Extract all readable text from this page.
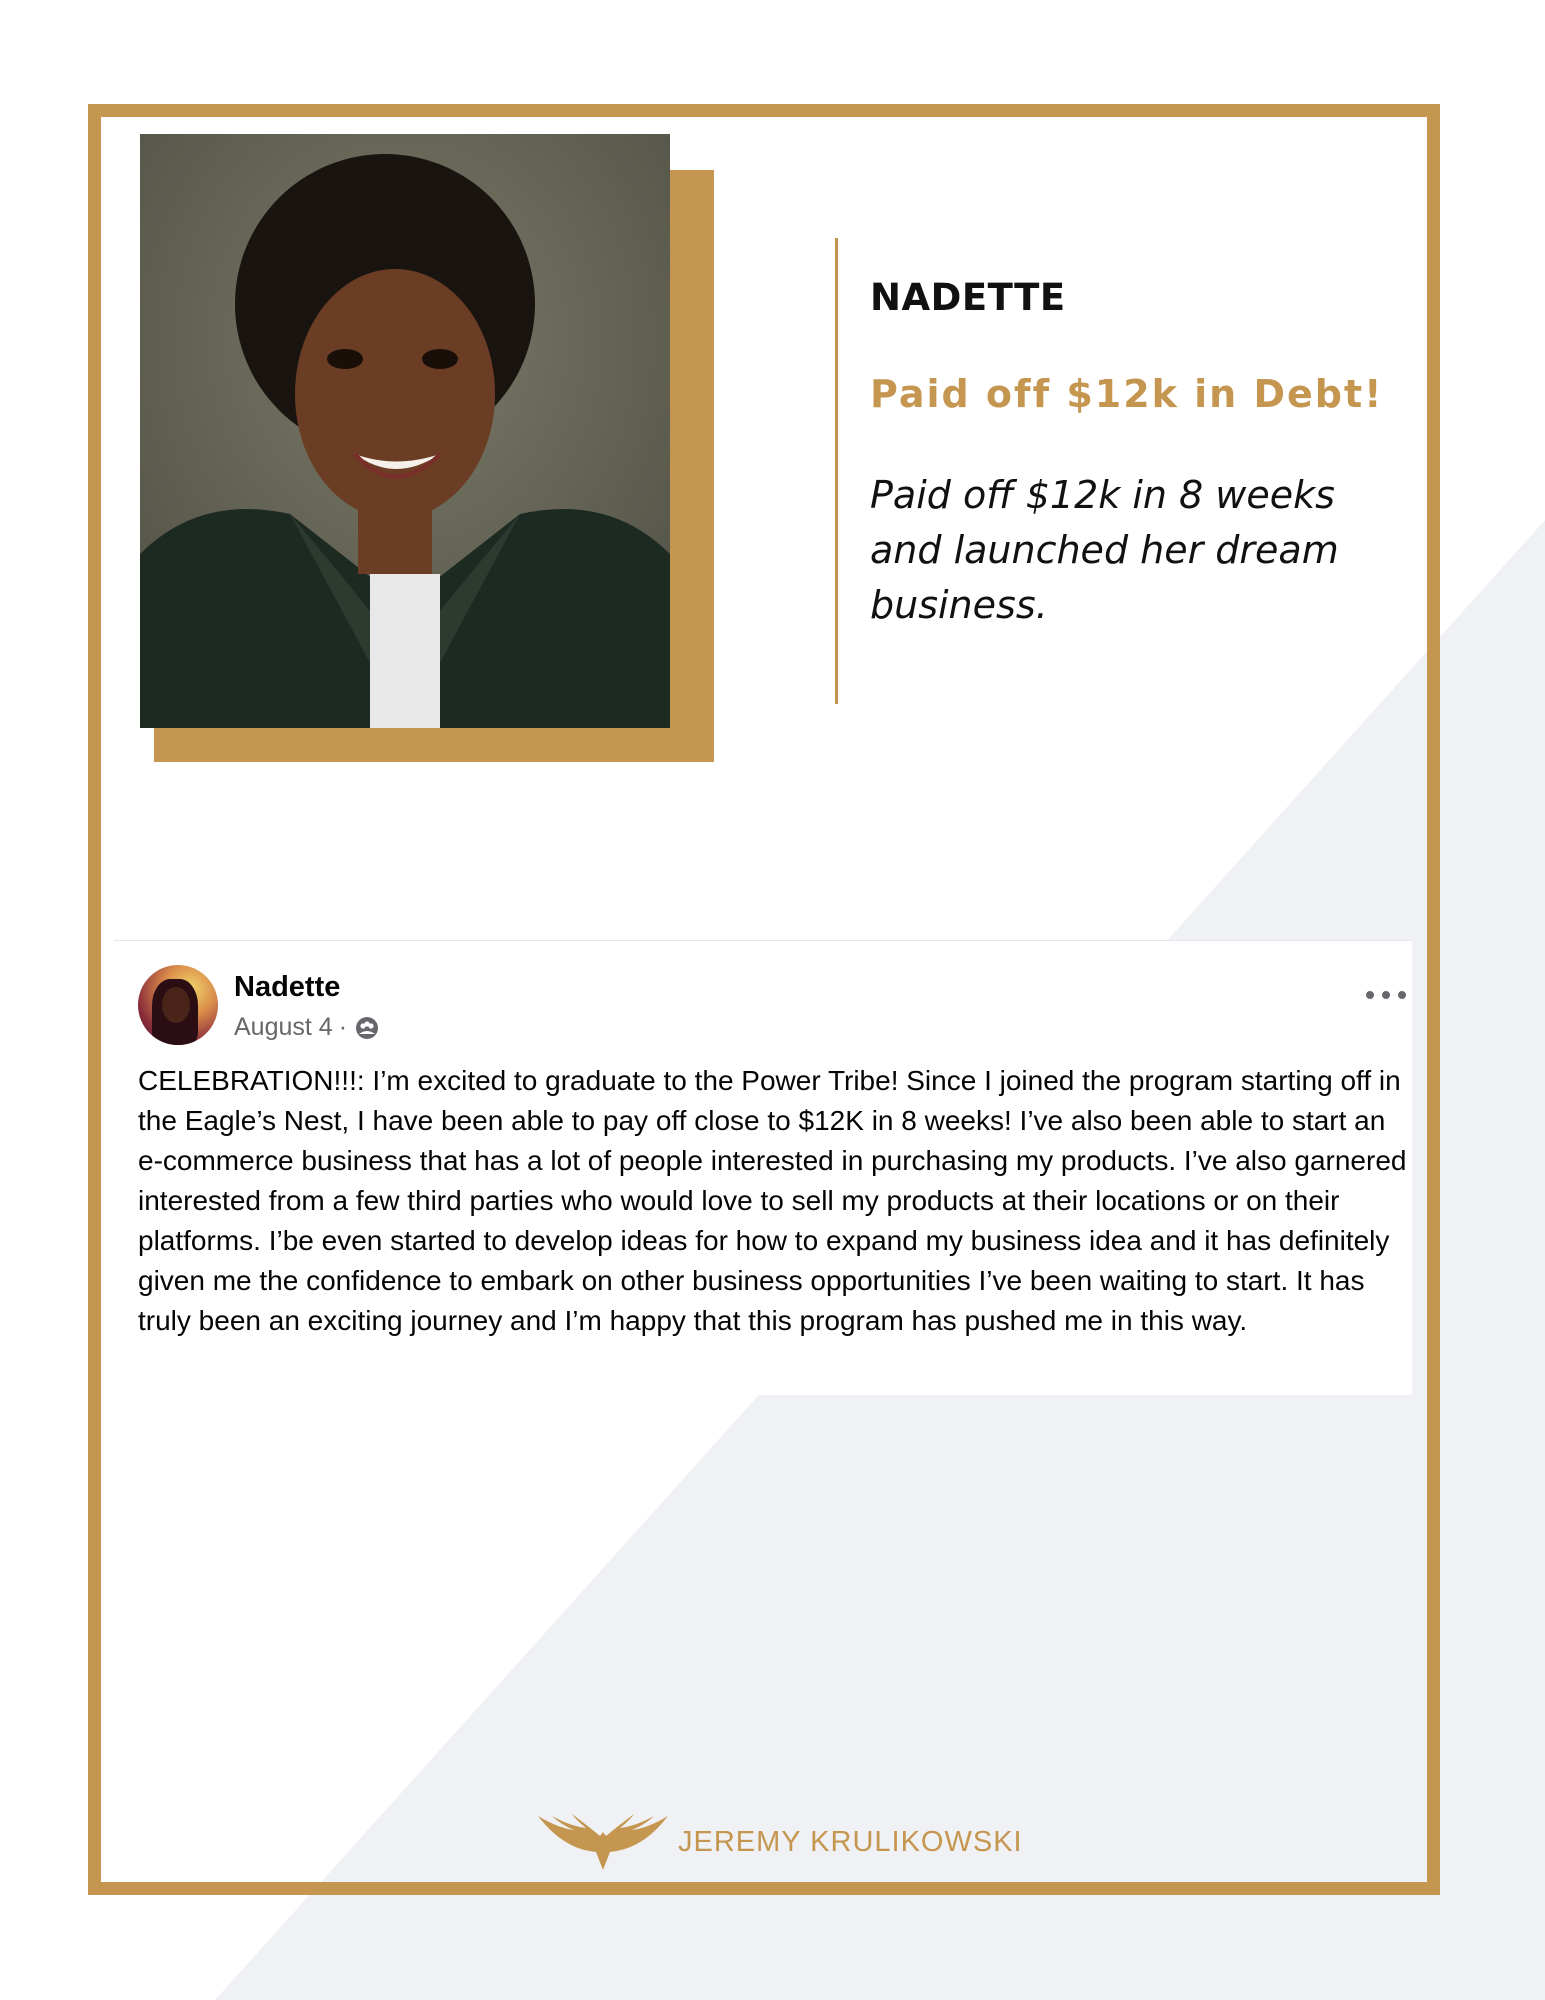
NADETTE
Paid off $12k in Debt!
Paid off $12k in 8 weeks and launched her dream business.
Nadette
August 4 ·
CELEBRATION!!!: I’m excited to graduate to the Power Tribe! Since I joined the program starting off in the Eagle’s Nest, I have been able to pay off close to $12K in 8 weeks! I’ve also been able to start an e-commerce business that has a lot of people interested in purchasing my products. I’ve also garnered interested from a few third parties who would love to sell my products at their locations or on their platforms. I’be even started to develop ideas for how to expand my business idea and it has definitely given me the confidence to embark on other business opportunities I’ve been waiting to start. It has truly been an exciting journey and I’m happy that this program has pushed me in this way.
JEREMY KRULIKOWSKI
